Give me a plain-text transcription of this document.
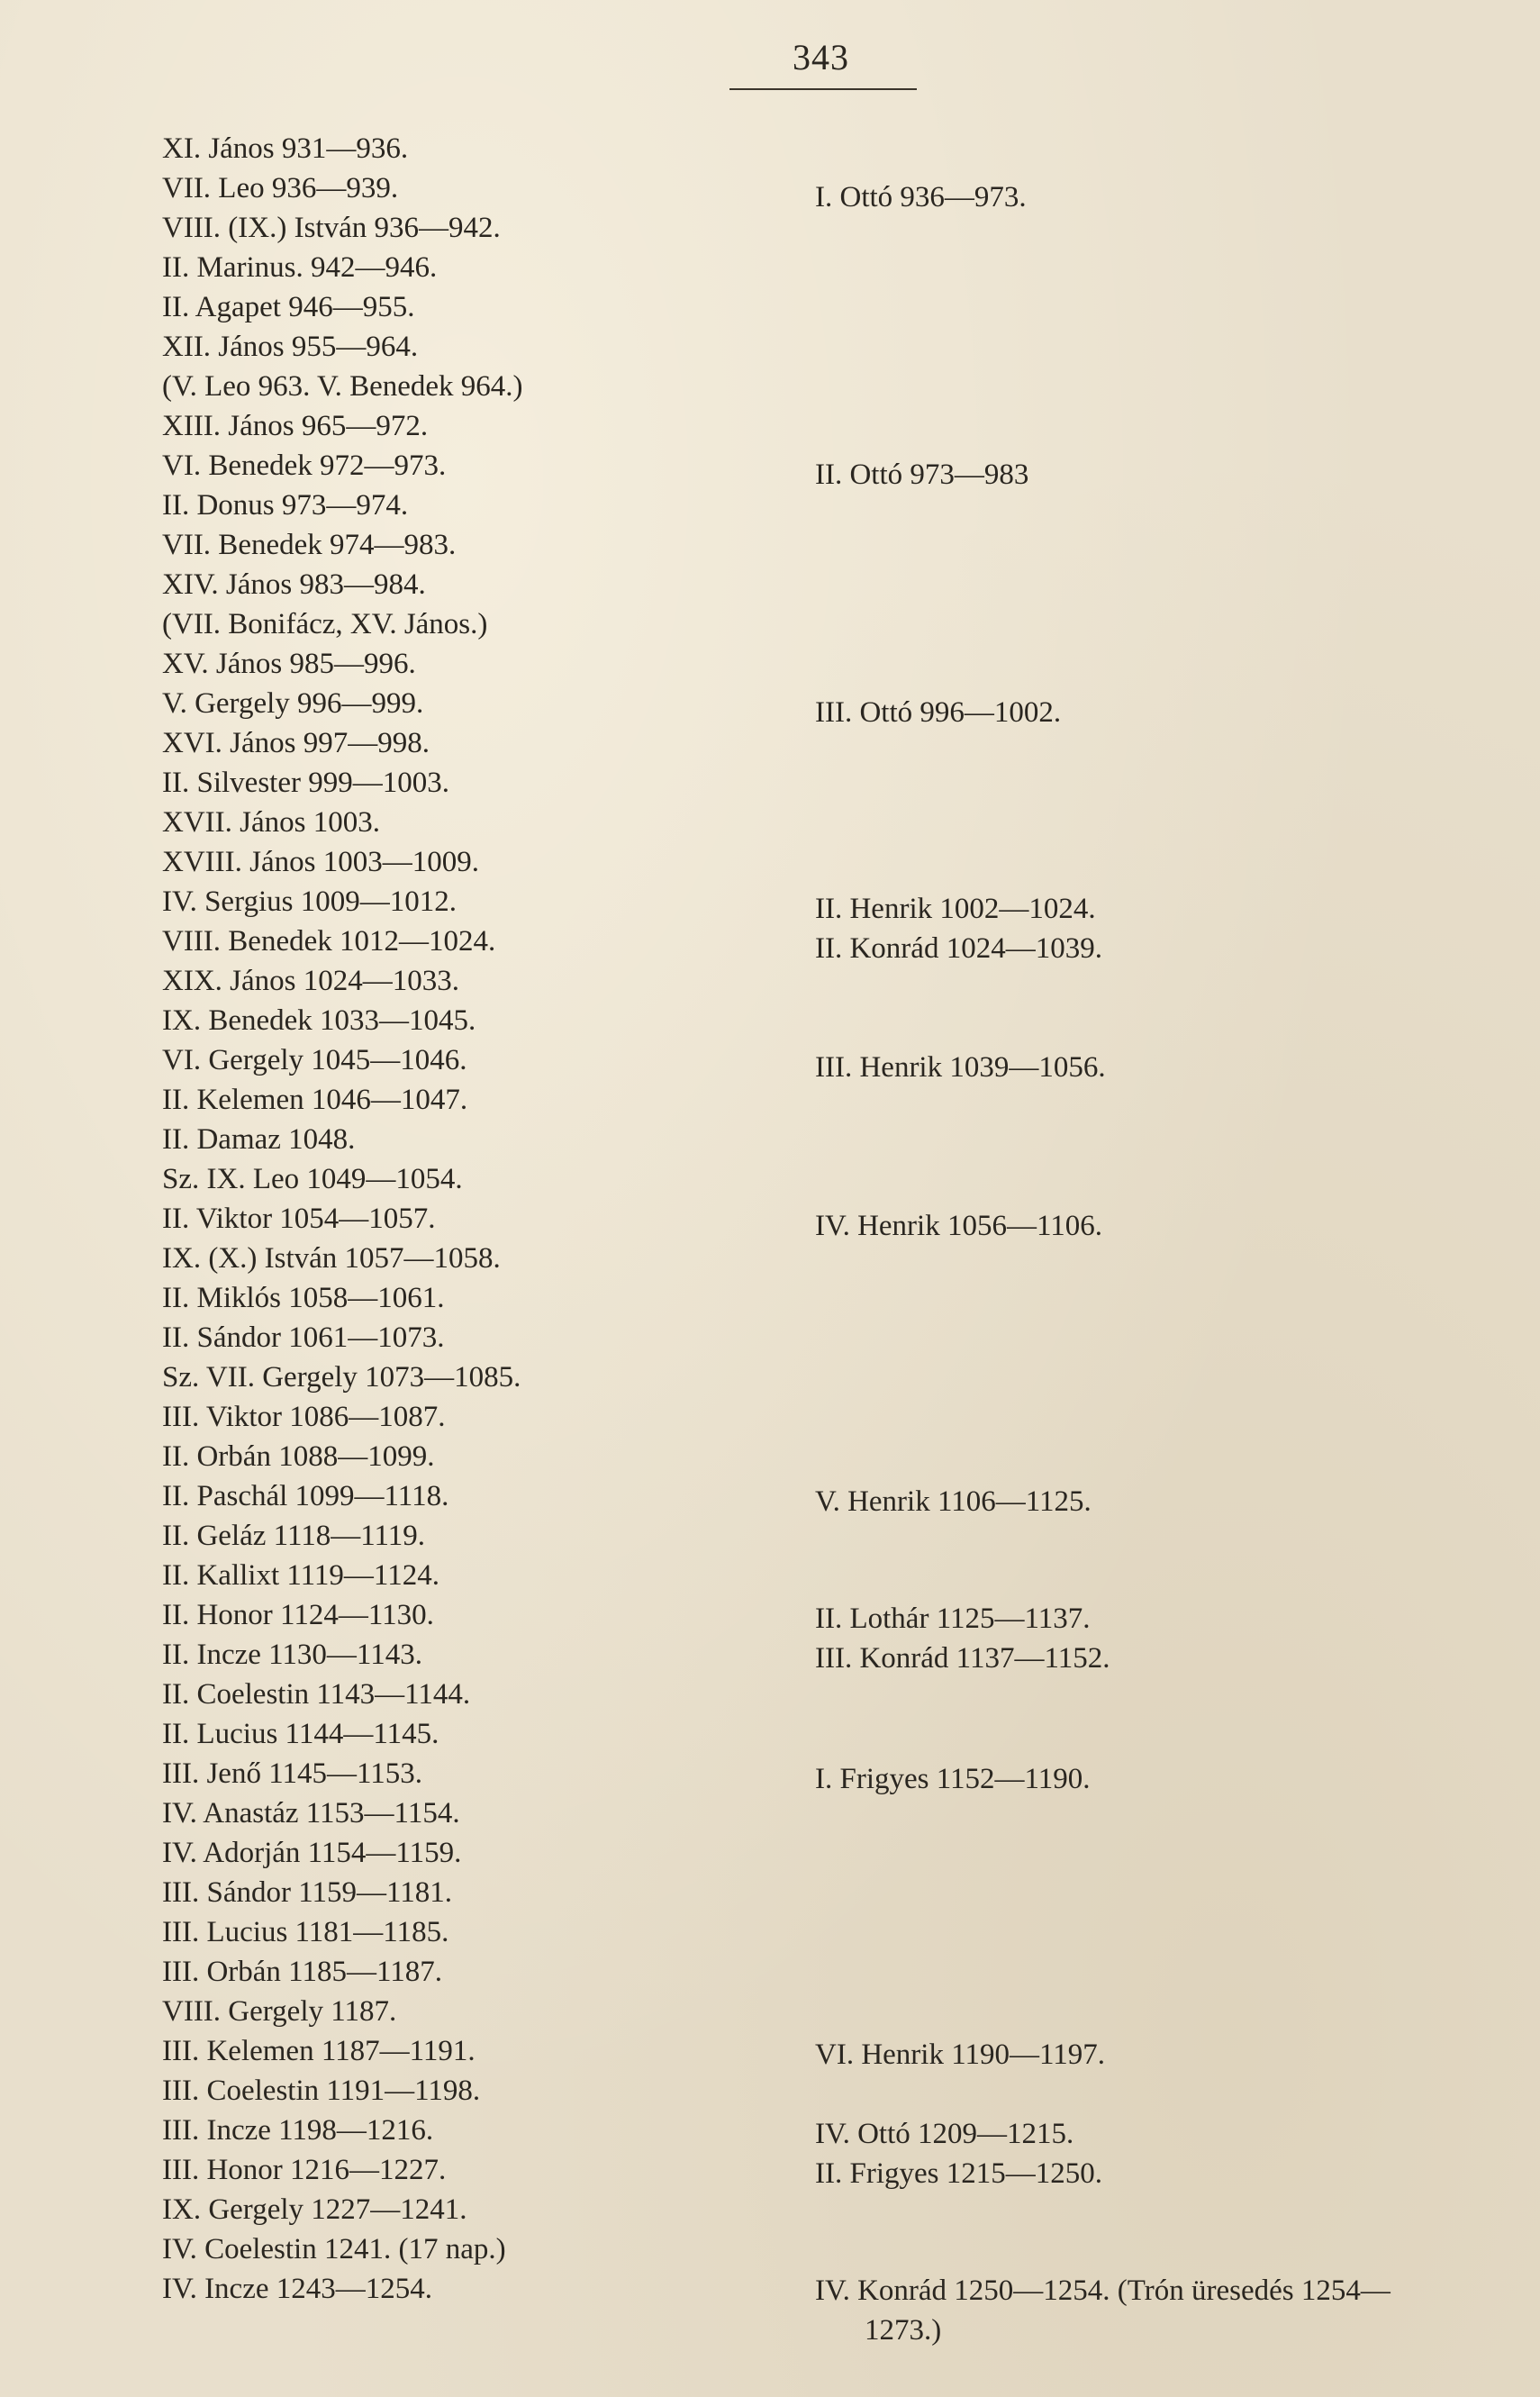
343
XI. János 931—936.
VII. Leo 936—939.
VIII. (IX.) István 936—942.
II. Marinus. 942—946.
II. Agapet 946—955.
XII. János 955—964.
(V. Leo 963. V. Benedek 964.)
XIII. János 965—972.
VI. Benedek 972—973.
II. Donus 973—974.
VII. Benedek 974—983.
XIV. János 983—984.
(VII. Bonifácz, XV. János.)
XV. János 985—996.
V. Gergely 996—999.
XVI. János 997—998.
II. Silvester 999—1003.
XVII. János 1003.
XVIII. János 1003—1009.
IV. Sergius 1009—1012.
VIII. Benedek 1012—1024.
XIX. János 1024—1033.
IX. Benedek 1033—1045.
VI. Gergely 1045—1046.
II. Kelemen 1046—1047.
II. Damaz 1048.
Sz. IX. Leo 1049—1054.
II. Viktor 1054—1057.
IX. (X.) István 1057—1058.
II. Miklós 1058—1061.
II. Sándor 1061—1073.
Sz. VII. Gergely 1073—1085.
III. Viktor 1086—1087.
II. Orbán 1088—1099.
II. Paschál 1099—1118.
II. Geláz 1118—1119.
II. Kallixt 1119—1124.
II. Honor 1124—1130.
II. Incze 1130—1143.
II. Coelestin 1143—1144.
II. Lucius 1144—1145.
III. Jenő 1145—1153.
IV. Anastáz 1153—1154.
IV. Adorján 1154—1159.
III. Sándor 1159—1181.
III. Lucius 1181—1185.
III. Orbán 1185—1187.
VIII. Gergely 1187.
III. Kelemen 1187—1191.
III. Coelestin 1191—1198.
III. Incze 1198—1216.
III. Honor 1216—1227.
IX. Gergely 1227—1241.
IV. Coelestin 1241. (17 nap.)
IV. Incze 1243—1254.
I. Ottó 936—973.
II. Ottó 973—983
III. Ottó 996—1002.
II. Henrik 1002—1024.
II. Konrád 1024—1039.
III. Henrik 1039—1056.
IV. Henrik 1056—1106.
V. Henrik 1106—1125.
II. Lothár 1125—1137.
III. Konrád 1137—1152.
I. Frigyes 1152—1190.
VI. Henrik 1190—1197.
IV. Ottó 1209—1215.
II. Frigyes 1215—1250.
IV. Konrád 1250—1254. (Trón üresedés 1254—
1273.)
